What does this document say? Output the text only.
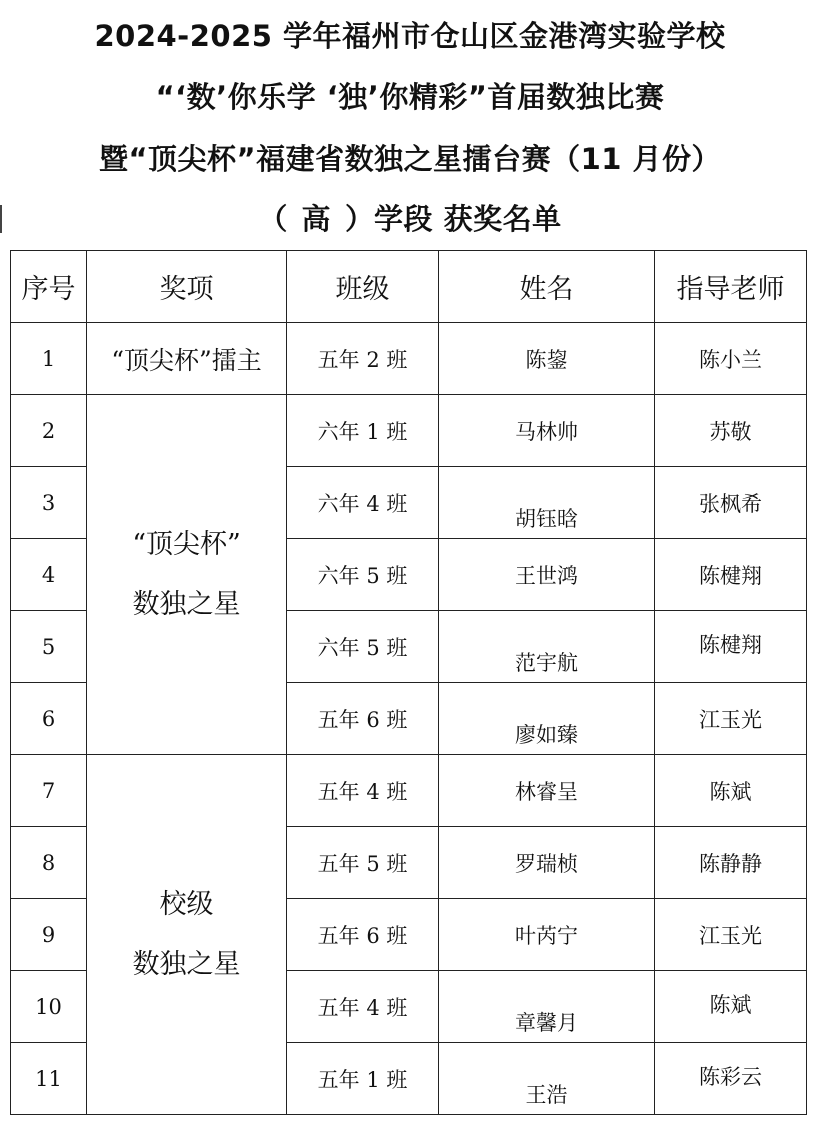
2024-2025 学年福州市仓山区金港湾实验学校
“‘数’你乐学 ‘独’你精彩”首届数独比赛
暨“顶尖杯”福建省数独之星擂台赛（11 月份）
（ 高 ）学段 获奖名单
序号	奖项	班级	姓名	指导老师
1	“顶尖杯”擂主	五年 2 班	陈鋆	陈小兰
2	“顶尖杯”
数独之星	六年 1 班	马林帅	苏敬
3		六年 4 班	胡钰晗	张枫希
4		六年 5 班	王世鸿	陈楗翔
5		六年 5 班	范宇航	陈楗翔

6		五年 6 班	廖如臻	江玉光
7	校级
数独之星	五年 4 班	林睿呈	陈斌
8		五年 5 班	罗瑞桢	陈静静
9		五年 6 班	叶芮宁	江玉光
10		五年 4 班	章馨月	陈斌

11		五年 1 班	王浩	陈彩云
